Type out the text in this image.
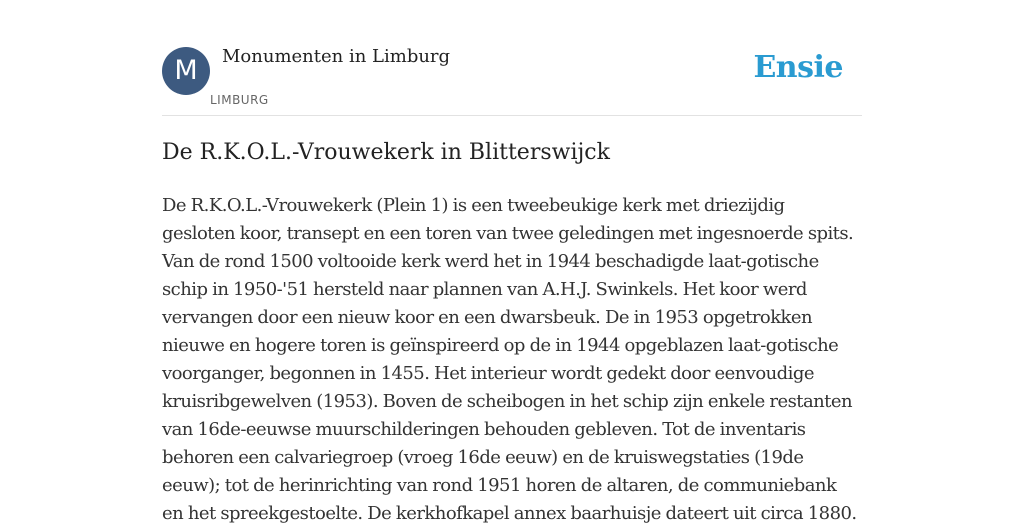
M	Monumenten in Limburg
LIMBURG
Ensie
De R.K.O.L.-Vrouwekerk in Blitterswijck

De R.K.O.L.-Vrouwekerk (Plein 1) is een tweebeukige kerk met driezijdig gesloten koor, transept en een toren van twee geledingen met ingesnoerde spits. Van de rond 1500 voltooide kerk werd het in 1944 beschadigde laat-gotische schip in 1950-'51 hersteld naar plannen van A.H.J. Swinkels. Het koor werd vervangen door een nieuw koor en een dwarsbeuk. De in 1953 opgetrokken nieuwe en hogere toren is geïnspireerd op de in 1944 opgeblazen laat-gotische voorganger, begonnen in 1455. Het interieur wordt gedekt door eenvoudige kruisribgewelven (1953). Boven de scheibogen in het schip zijn enkele restanten van 16de-eeuwse muurschilderingen behouden gebleven. Tot de inventaris behoren een calvariegroep (vroeg 16de eeuw) en de kruiswegstaties (19de eeuw); tot de herinrichting van rond 1951 horen de altaren, de communiebank en het spreekgestoelte. De kerkhofkapel annex baarhuisje dateert uit circa 1880.
